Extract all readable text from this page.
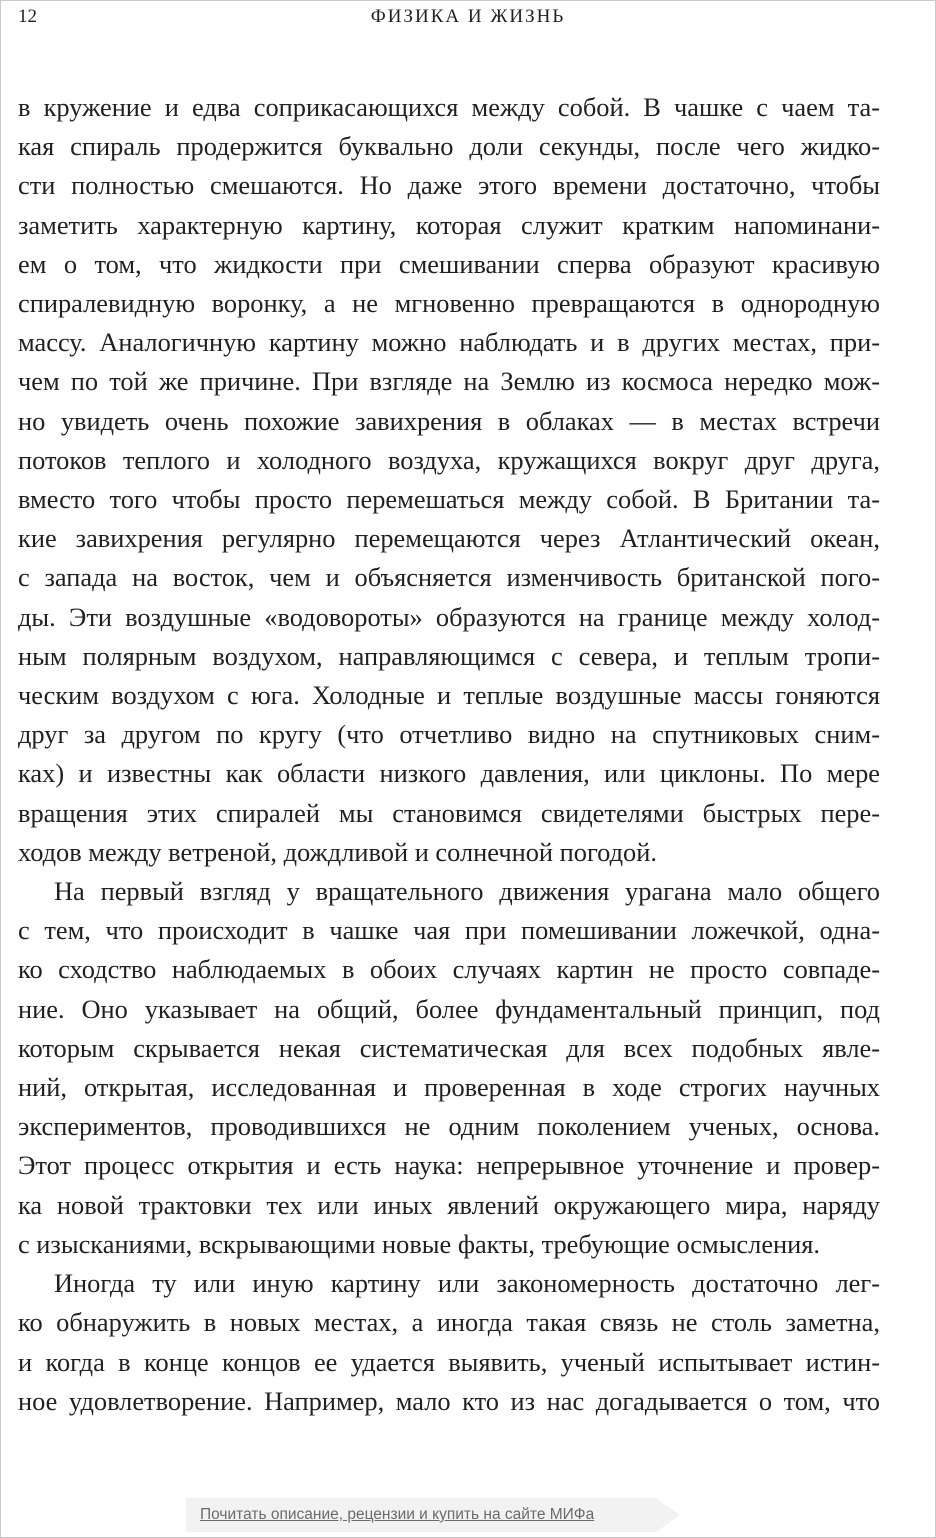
12	ФИЗИКА И ЖИЗНЬ
в кружение и едва соприкасающихся между собой. В чашке с чаем та-
кая спираль продержится буквально доли секунды, после чего жидко-
сти полностью смешаются. Но даже этого времени достаточно, чтобы
заметить характерную картину, которая служит кратким напоминани-
ем о том, что жидкости при смешивании сперва образуют красивую
спиралевидную воронку, а не мгновенно превращаются в однородную
массу. Аналогичную картину можно наблюдать и в других местах, при-
чем по той же причине. При взгляде на Землю из космоса нередко мож-
но увидеть очень похожие завихрения в облаках — в местах встречи
потоков теплого и холодного воздуха, кружащихся вокруг друг друга,
вместо того чтобы просто перемешаться между собой. В Британии та-
кие завихрения регулярно перемещаются через Атлантический океан,
с запада на восток, чем и объясняется изменчивость британской пого-
ды. Эти воздушные «водовороты» образуются на границе между холод-
ным полярным воздухом, направляющимся с севера, и теплым тропи-
ческим воздухом с юга. Холодные и теплые воздушные массы гоняются
друг за другом по кругу (что отчетливо видно на спутниковых сним-
ках) и известны как области низкого давления, или циклоны. По мере
вращения этих спиралей мы становимся свидетелями быстрых пере-
ходов между ветреной, дождливой и солнечной погодой.
На первый взгляд у вращательного движения урагана мало общего
с тем, что происходит в чашке чая при помешивании ложечкой, одна-
ко сходство наблюдаемых в обоих случаях картин не просто совпаде-
ние. Оно указывает на общий, более фундаментальный принцип, под
которым скрывается некая систематическая для всех подобных явле-
ний, открытая, исследованная и проверенная в ходе строгих научных
экспериментов, проводившихся не одним поколением ученых, основа.
Этот процесс открытия и есть наука: непрерывное уточнение и провер-
ка новой трактовки тех или иных явлений окружающего мира, наряду
с изысканиями, вскрывающими новые факты, требующие осмысления.
Иногда ту или иную картину или закономерность достаточно лег-
ко обнаружить в новых местах, а иногда такая связь не столь заметна,
и когда в конце концов ее удается выявить, ученый испытывает истин-
ное удовлетворение. Например, мало кто из нас догадывается о том, что
Почитать описание, рецензии и купить на сайте МИФа
